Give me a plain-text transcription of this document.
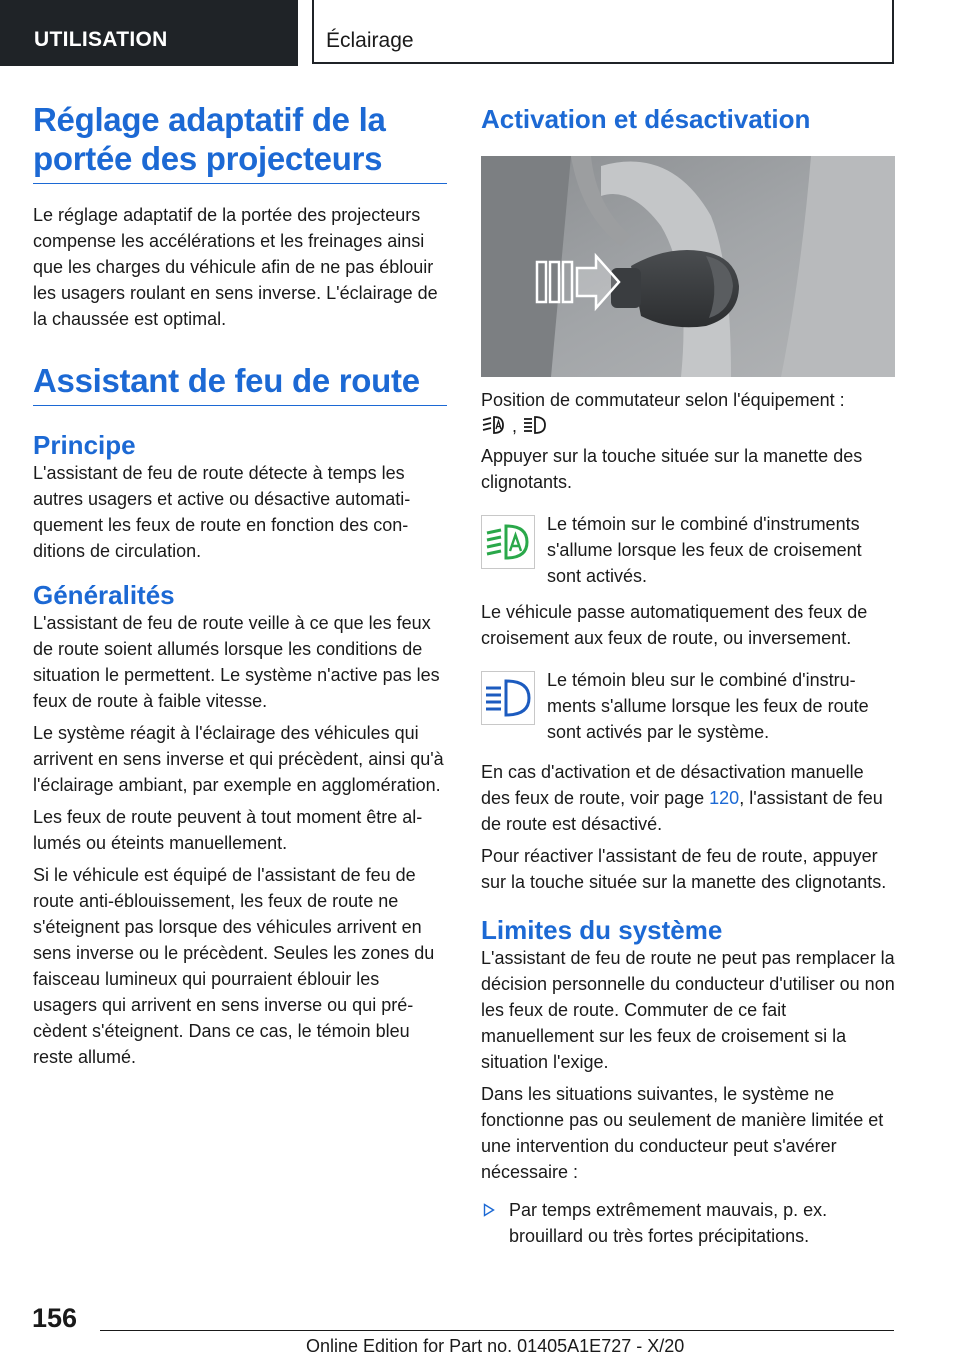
UTILISATION	Éclairage
Réglage adaptatif de la portée des projecteurs

Le réglage adaptatif de la portée des projecteurs compense les accélérations et les freinages ainsi que les charges du véhicule afin de ne pas éblouir les usagers roulant en sens inverse. L'éclairage de la chaussée est optimal.

Assistant de feu de route
Principe

L'assistant de feu de route détecte à temps les autres usagers et active ou désactive automatiquement les feux de route en fonction des conditions de circulation.

Généralités

L'assistant de feu de route veille à ce que les feux de route soient allumés lorsque les conditions de situation le permettent. Le système n'active pas les feux de route à faible vitesse.

Le système réagit à l'éclairage des véhicules qui arrivent en sens inverse et qui précèdent, ainsi qu'à l'éclairage ambiant, par exemple en agglomération.

Les feux de route peuvent à tout moment être allumés ou éteints manuellement.

Si le véhicule est équipé de l'assistant de feu de route anti-éblouissement, les feux de route ne s'éteignent pas lorsque des véhicules arrivent en sens inverse ou le précèdent. Seules les zones du faisceau lumineux qui pourraient éblouir les usagers qui arrivent en sens inverse ou qui précèdent s'éteignent. Dans ce cas, le témoin bleu reste allumé.

Activation et désactivation

Position de commutateur selon l'équipement :
,

Appuyer sur la touche située sur la manette des clignotants.

Le témoin sur le combiné d'instruments s'allume lorsque les feux de croisement sont activés.

Le véhicule passe automatiquement des feux de croisement aux feux de route, ou inversement.

Le témoin bleu sur le combiné d'instruments s'allume lorsque les feux de route sont activés par le système.

En cas d'activation et de désactivation manuelle des feux de route, voir page 120, l'assistant de feu de route est désactivé.

Pour réactiver l'assistant de feu de route, appuyer sur la touche située sur la manette des clignotants.

Limites du système

L'assistant de feu de route ne peut pas remplacer la décision personnelle du conducteur d'utiliser ou non les feux de route. Commuter de ce fait manuellement sur les feux de croisement si la situation l'exige.

Dans les situations suivantes, le système ne fonctionne pas ou seulement de manière limitée et une intervention du conducteur peut s'avérer nécessaire :

Par temps extrêmement mauvais, p. ex. brouillard ou très fortes précipitations.

156
Online Edition for Part no. 01405A1E727 - X/20
